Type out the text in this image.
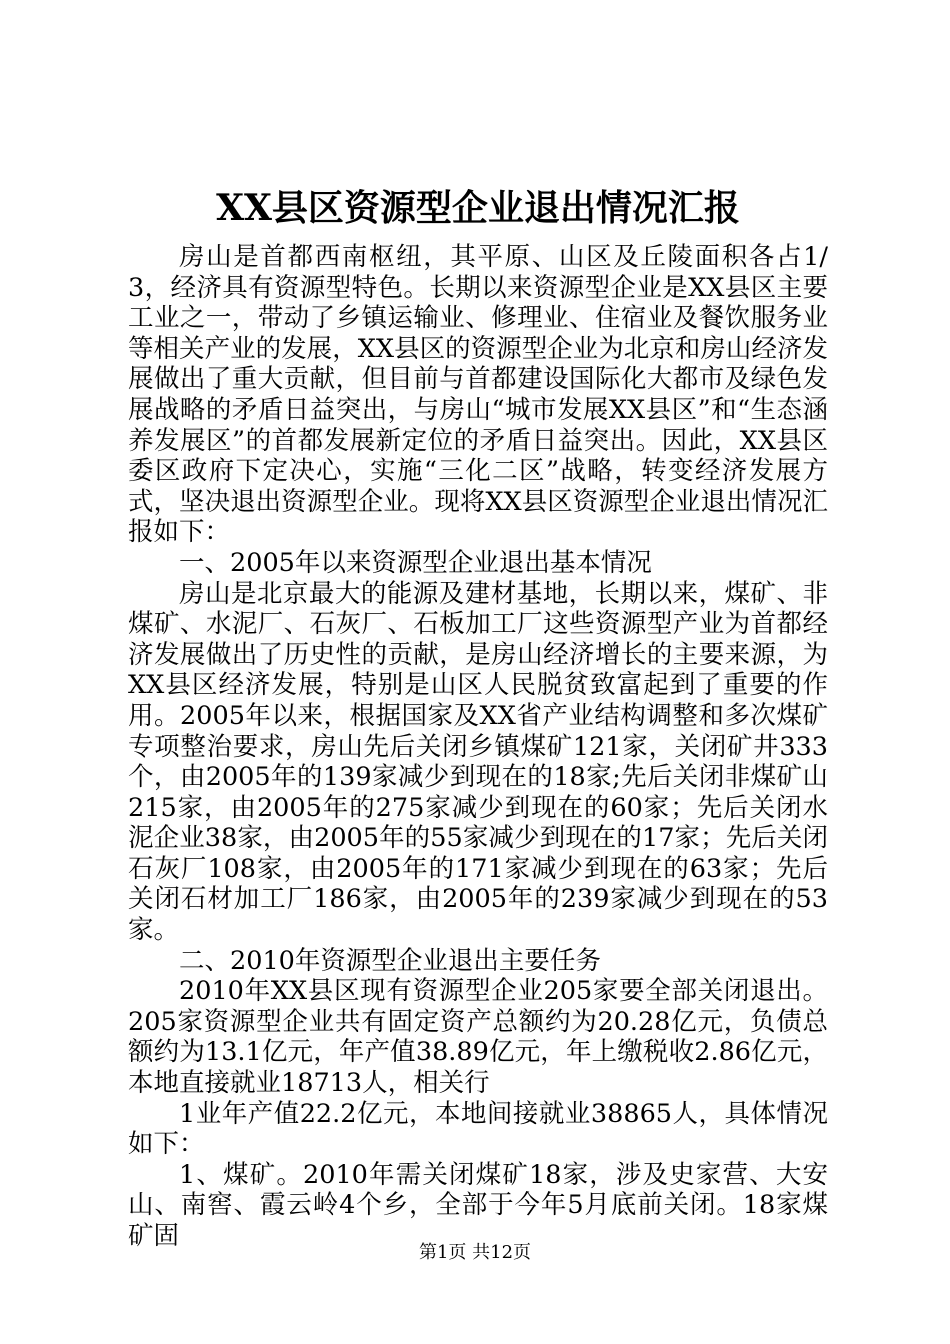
XX县区资源型企业退出情况汇报

房山是首都西南枢纽，其平原、山区及丘陵面积各占1/3，经济具有资源型特色。长期以来资源型企业是XX县区主要工业之一，带动了乡镇运输业、修理业、住宿业及餐饮服务业等相关产业的发展，XX县区的资源型企业为北京和房山经济发展做出了重大贡献，但目前与首都建设国际化大都市及绿色发展战略的矛盾日益突出，与房山“城市发展XX县区”和“生态涵养发展区”的首都发展新定位的矛盾日益突出。因此，XX县区委区政府下定决心，实施“三化二区”战略，转变经济发展方式，坚决退出资源型企业。现将XX县区资源型企业退出情况汇报如下：

一、2005年以来资源型企业退出基本情况

房山是北京最大的能源及建材基地，长期以来，煤矿、非煤矿、水泥厂、石灰厂、石板加工厂这些资源型产业为首都经济发展做出了历史性的贡献，是房山经济增长的主要来源，为XX县区经济发展，特别是山区人民脱贫致富起到了重要的作用。2005年以来，根据国家及XX省产业结构调整和多次煤矿专项整治要求，房山先后关闭乡镇煤矿121家，关闭矿井333个，由2005年的139家减少到现在的18家;先后关闭非煤矿山215家，由2005年的275家减少到现在的60家；先后关闭水泥企业38家，由2005年的55家减少到现在的17家；先后关闭石灰厂108家，由2005年的171家减少到现在的63家；先后关闭石材加工厂186家，由2005年的239家减少到现在的53家。

二、2010年资源型企业退出主要任务

2010年XX县区现有资源型企业205家要全部关闭退出。205家资源型企业共有固定资产总额约为20.28亿元，负债总额约为13.1亿元，年产值38.89亿元，年上缴税收2.86亿元，本地直接就业18713人，相关行

1业年产值22.2亿元，本地间接就业38865人，具体情况如下：

1、煤矿。2010年需关闭煤矿18家，涉及史家营、大安山、南窖、霞云岭4个乡，全部于今年5月底前关闭。18家煤矿固

第1页 共12页
